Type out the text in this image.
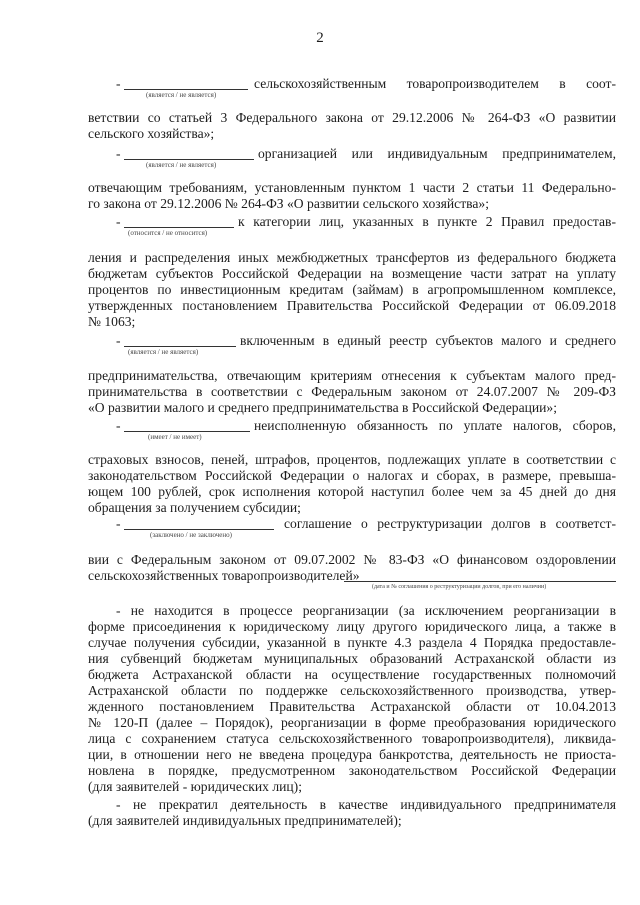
2
-
(является / не является)
сельскохозяйственным товаропроизводителем в соот-
ветствии со статьей 3 Федерального закона от 29.12.2006 № 264-ФЗ «О развитии
сельского хозяйства»;
-
(является / не является)
организацией или индивидуальным предпринимателем,
отвечающим требованиям, установленным пунктом 1 части 2 статьи 11 Федерально-
го закона от 29.12.2006 № 264-ФЗ «О развитии сельского хозяйства»;
-
(относится / не относится)
к категории лиц, указанных в пункте 2 Правил предостав-
ления и распределения иных межбюджетных трансфертов из федерального бюджета
бюджетам субъектов Российской Федерации на возмещение части затрат на уплату
процентов по инвестиционным кредитам (займам) в агропромышленном комплексе,
утвержденных постановлением Правительства Российской Федерации от 06.09.2018
№ 1063;
-
(является / не является)
включенным в единый реестр субъектов малого и среднего
предпринимательства, отвечающим критериям отнесения к субъектам малого пред-
принимательства в соответствии с Федеральным законом от 24.07.2007 № 209-ФЗ
«О развитии малого и среднего предпринимательства в Российской Федерации»;
-
(имеет / не имеет)
неисполненную обязанность по уплате налогов, сборов,
страховых взносов, пеней, штрафов, процентов, подлежащих уплате в соответствии с
законодательством Российской Федерации о налогах и сборах, в размере, превыша-
ющем 100 рублей, срок исполнения которой наступил более чем за 45 дней до дня
обращения за получением субсидии;
-
(заключено / не заключено)
соглашение о реструктуризации долгов в соответст-
вии с Федеральным законом от 09.07.2002 № 83-ФЗ «О финансовом оздоровлении
сельскохозяйственных товаропроизводителей»
(дата и № соглашения о реструктуризации долгов, при его наличии)
- не находится в процессе реорганизации (за исключением реорганизации в
форме присоединения к юридическому лицу другого юридического лица, а также в
случае получения субсидии, указанной в пункте 4.3 раздела 4 Порядка предоставле-
ния субвенций бюджетам муниципальных образований Астраханской области из
бюджета Астраханской области на осуществление государственных полномочий
Астраханской области по поддержке сельскохозяйственного производства, утвер-
жденного постановлением Правительства Астраханской области от 10.04.2013
№ 120-П (далее – Порядок), реорганизации в форме преобразования юридического
лица с сохранением статуса сельскохозяйственного товаропроизводителя), ликвида-
ции, в отношении него не введена процедура банкротства, деятельность не приоста-
новлена в порядке, предусмотренном законодательством Российской Федерации
(для заявителей - юридических лиц);
- не прекратил деятельность в качестве индивидуального предпринимателя
(для заявителей индивидуальных предпринимателей);
